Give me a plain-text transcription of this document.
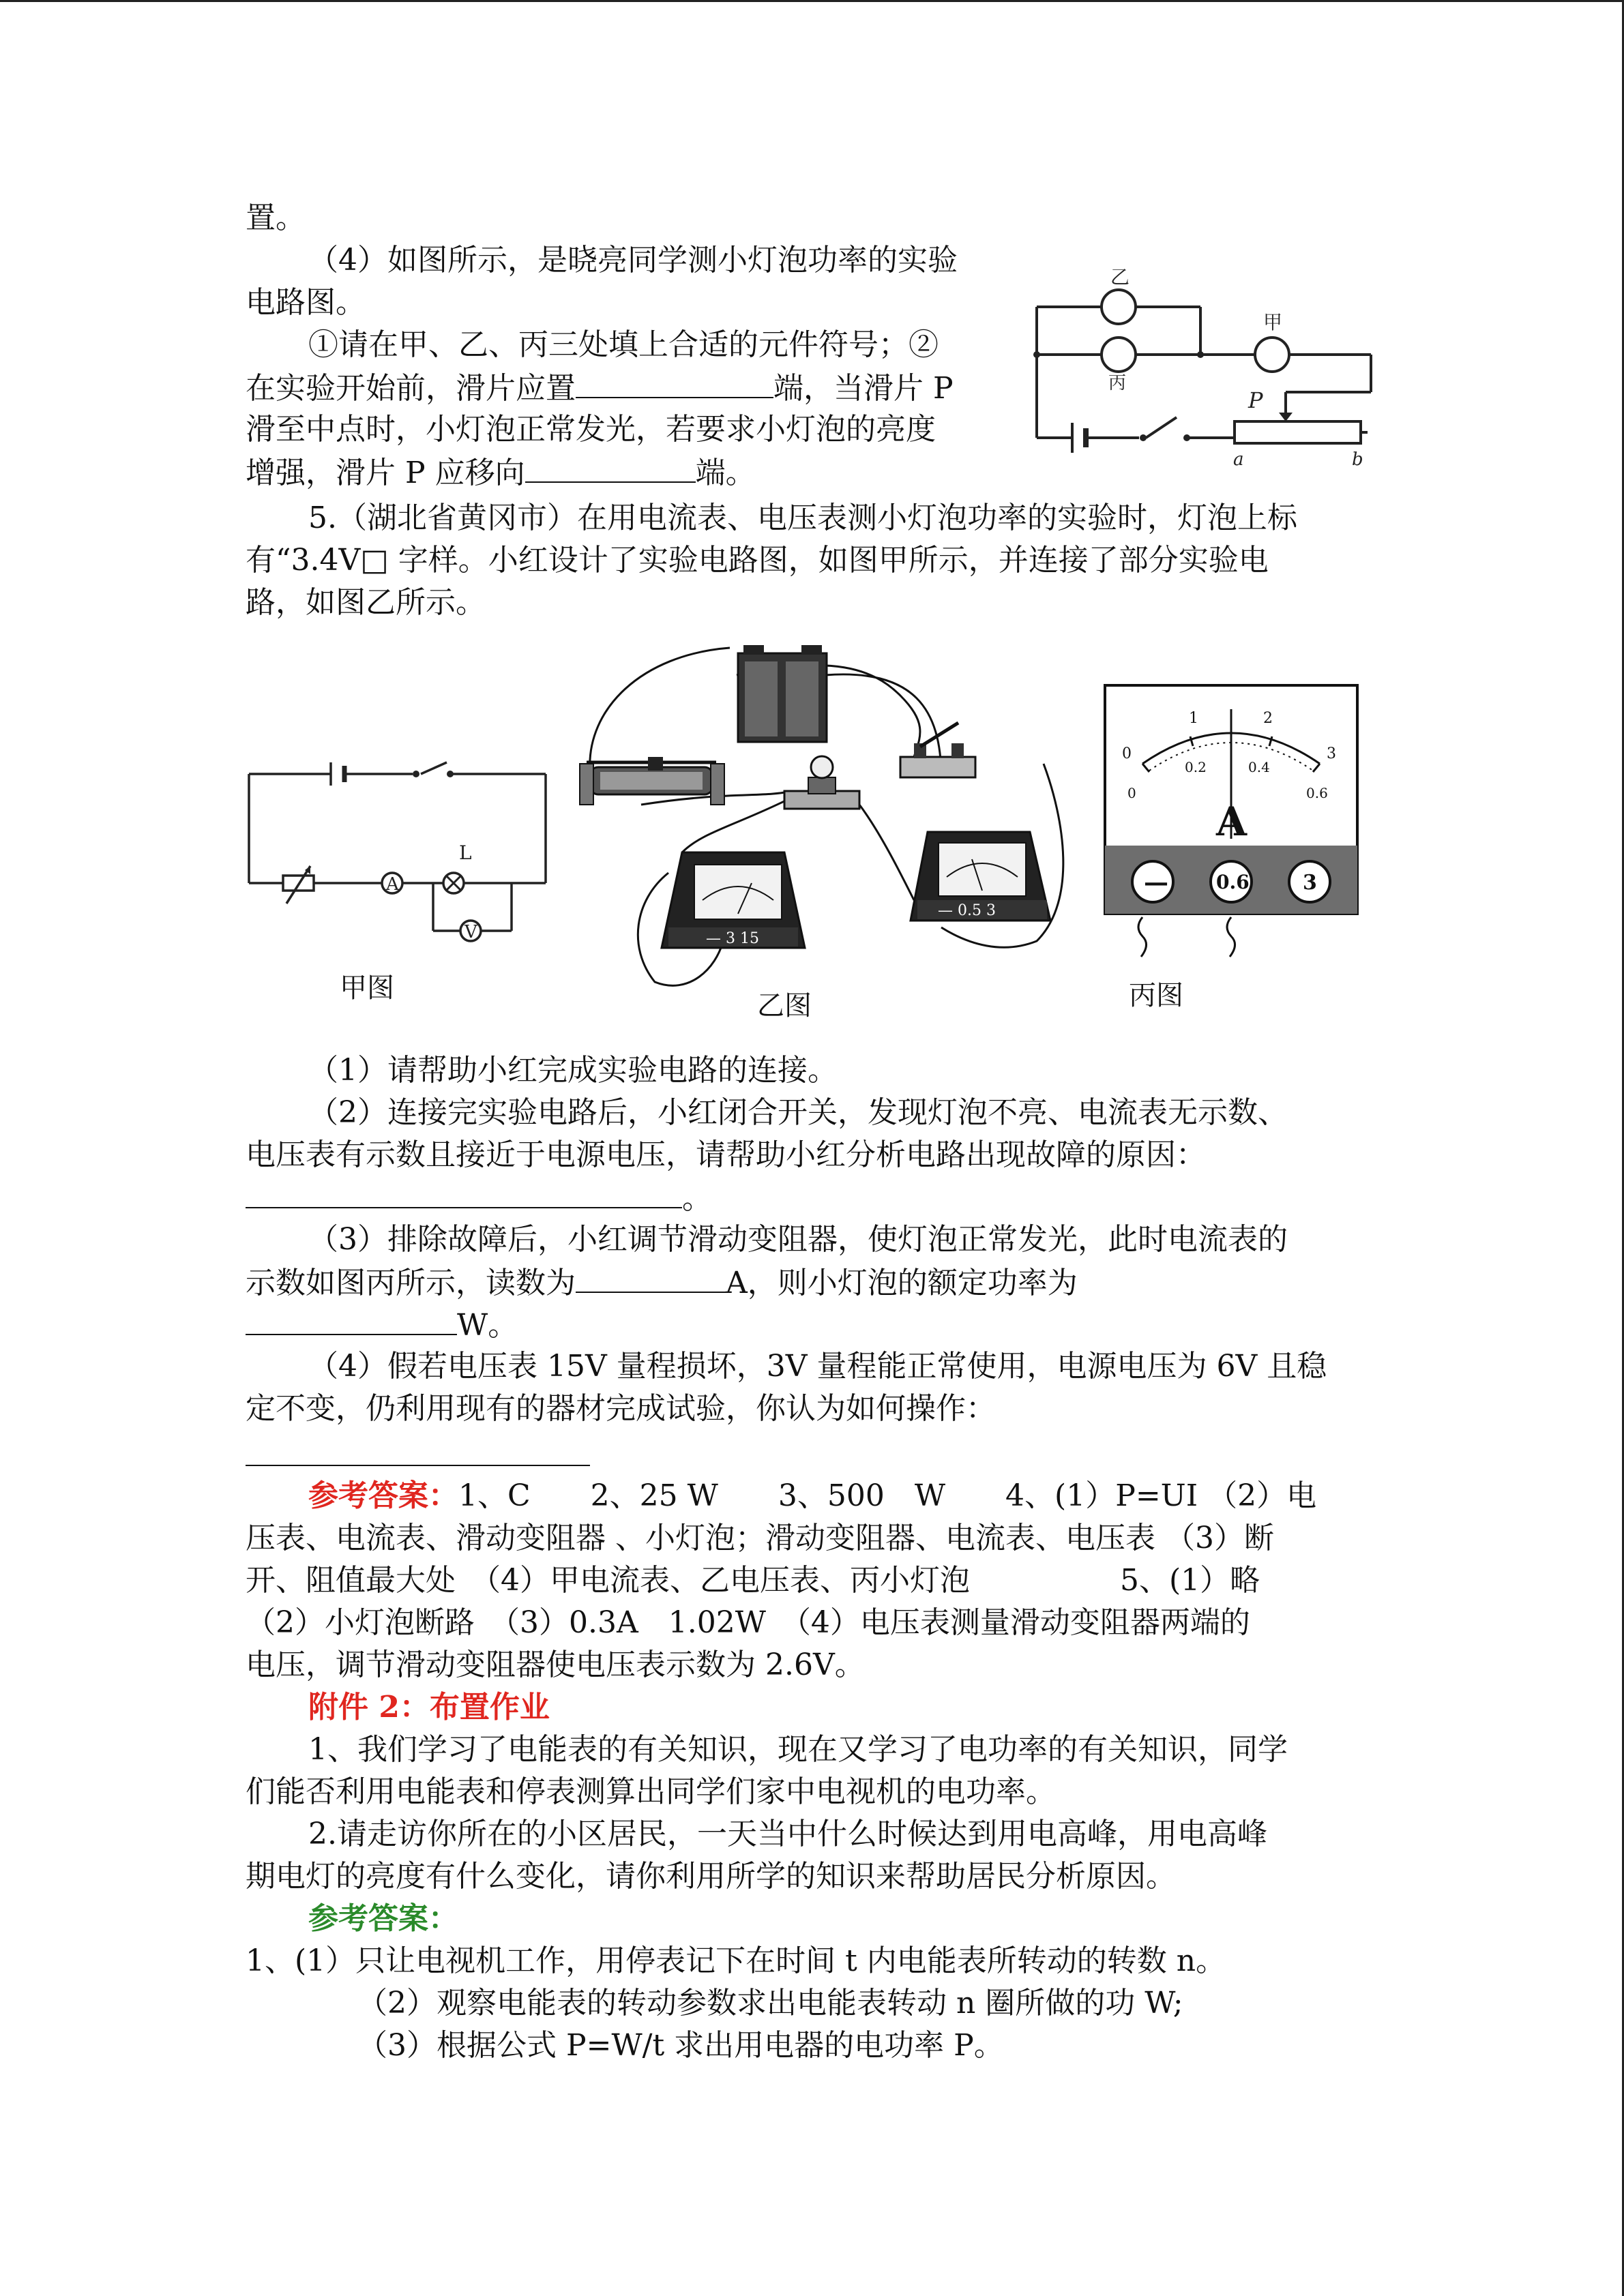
置。
（4）如图所示，是晓亮同学测小灯泡功率的实验
电路图。
①请在甲、乙、丙三处填上合适的元件符号；②
在实验开始前，滑片应置	端，当滑片 P
滑至中点时，小灯泡正常发光，若要求小灯泡的亮度
增强，滑片 P 应移向	端。
乙
丙
甲
P
a	b
5.（湖北省黄冈市）在用电流表、电压表测小灯泡功率的实验时，灯泡上标
有“3.4V□ 字样。小红设计了实验电路图，如图甲所示，并连接了部分实验电
路，如图乙所示。
A
L
V
甲图
— 3 15
— 0.5 3
乙图
0
1	2
3
0
0.2	0.4
0.6
A
—	0.6	3
丙图
（1）请帮助小红完成实验电路的连接。
（2）连接完实验电路后，小红闭合开关，发现灯泡不亮、电流表无示数、
电压表有示数且接近于电源电压，请帮助小红分析电路出现故障的原因：
。
（3）排除故障后，小红调节滑动变阻器，使灯泡正常发光，此时电流表的
示数如图丙所示，读数为	A，则小灯泡的额定功率为
W。
（4）假若电压表 15V 量程损坏，3V 量程能正常使用，电源电压为 6V 且稳
定不变，仍利用现有的器材完成试验，你认为如何操作：
参考答案：1、C　　2、25 W　　3、500　W　　4、(1）P=UI （2）电
压表、电流表、滑动变阻器 、小灯泡；滑动变阻器、电流表、电压表 （3）断
开、阻值最大处　（4）甲电流表、乙电压表、丙小灯泡　　　　　5、(1）略
（2）小灯泡断路　（3）0.3A　1.02W　（4）电压表测量滑动变阻器两端的
电压，调节滑动变阻器使电压表示数为 2.6V。
附件 2：布置作业
1、我们学习了电能表的有关知识，现在又学习了电功率的有关知识，同学
们能否利用电能表和停表测算出同学们家中电视机的电功率。
2.请走访你所在的小区居民，一天当中什么时候达到用电高峰，用电高峰
期电灯的亮度有什么变化，请你利用所学的知识来帮助居民分析原因。
参考答案：
1、(1）只让电视机工作，用停表记下在时间 t 内电能表所转动的转数 n。
（2）观察电能表的转动参数求出电能表转动 n 圈所做的功 W;
（3）根据公式 P=W/t 求出用电器的电功率 P。
